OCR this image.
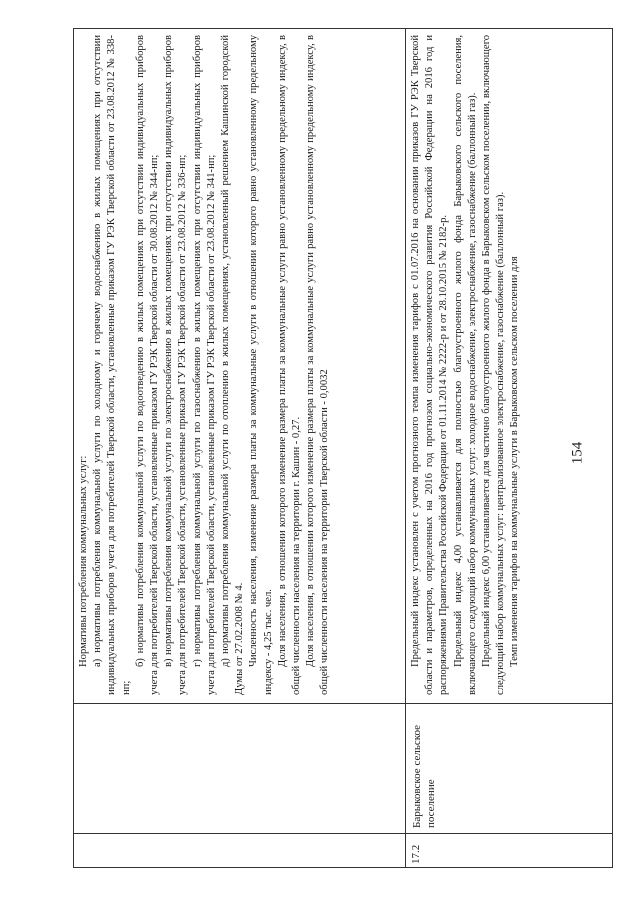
154

Нормативы потребления коммунальных услуг: а) нормативы потребления коммунальной услуги по холодному и горячему водоснабжению в жилых помещениях при отсутствии индивидуальных приборов учета для потребителей Тверской области, установленные приказом ГУ РЭК Тверской области от 23.08.2012 № 338-нп;

б) нормативы потребления коммунальной услуги по водоотведению в жилых помещениях при отсутствии индивидуальных приборов учета для потребителей Тверской области, установленные приказом ГУ РЭК Тверской области от 30.08.2012 № 344-нп; в) нормативы потребления коммунальной услуги по электроснабжению в жилых помещениях при отсутствии индивидуальных приборов учета для потребителей Тверской области, установленные приказом ГУ РЭК Тверской области от 23.08.2012 № 336-нп; г) нормативы потребления коммунальной услуги по газоснабжению в жилых помещениях при отсутствии индивидуальных приборов учета для потребителей Тверской области, установленные приказом ГУ РЭК Тверской области от 23.08.2012 № 341-нп; д) нормативы потребления коммунальной услуги по отоплению в жилых помещениях, установленный решением Кашинской городской Думы от 27.02.2008 № 4. Численность населения, изменение размера платы за коммунальные услуги в отношении которого равно установленному предельному индексу - 4,25 тыс. чел. Доля населения, в отношении которого изменение размера платы за коммунальные услуги равно установленному предельному индексу, в общей численности населения на территории г. Кашин - 0,27. Доля населения, в отношении которого изменение размера платы за коммунальные услуги равно установленному предельному индексу, в общей численности населения на территории Тверской области - 0,0032

17.2
Барыковское сельское поселение

Предельный индекс установлен с учетом прогнозного темпа изменения тарифов с 01.07.2016 на основании приказов ГУ РЭК Тверской области и параметров, определенных на 2016 год прогнозом социально-экономического развития Российской Федерации на 2016 год и распоряжениями Правительства Российской Федерации от 01.11.2014 № 2222-р и от 28.10.2015 № 2182-р. Предельный индекс 4,00 устанавливается для полностью благоустроенного жилого фонда Барыковского сельского поселения, включающего следующий набор коммунальных услуг: холодное водоснабжение, электроснабжение, газоснабжение (баллонный газ). Предельный индекс 6,00 устанавливается для частично благоустроенного жилого фонда в Барыковском сельском поселении, включающего следующий набор коммунальных услуг: централизованное электроснабжение, газоснабжение (баллонный газ). Темп изменения тарифов на коммунальные услуги в Барыковском сельском поселении для
